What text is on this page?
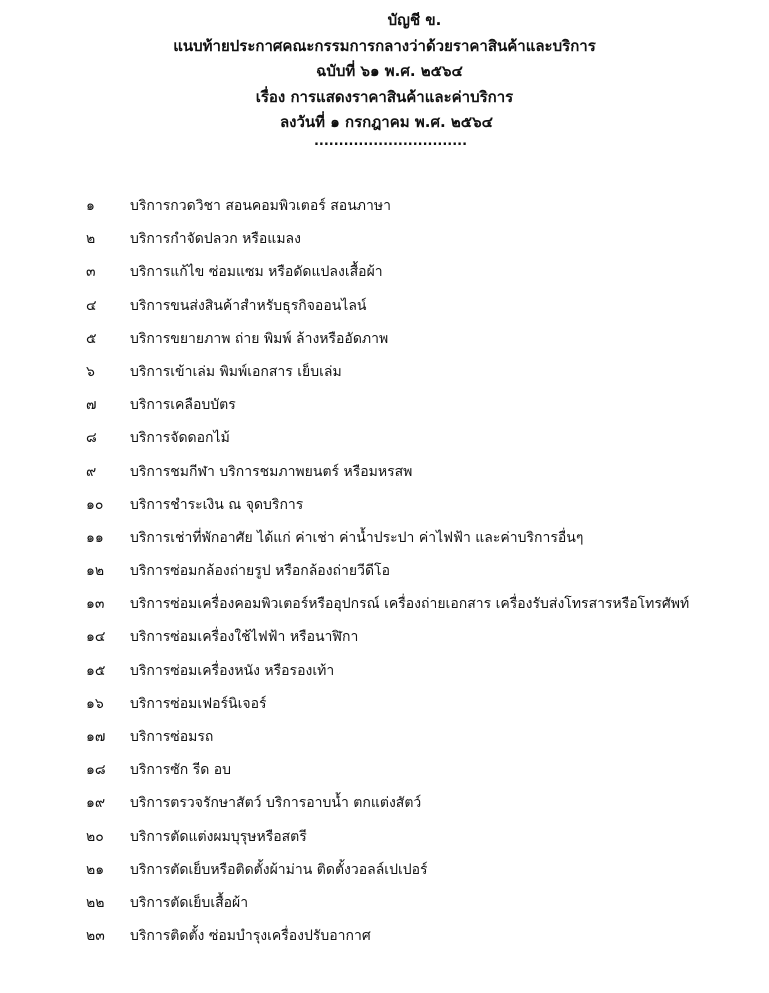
บัญชี ข.
แนบท้ายประกาศคณะกรรมการกลางว่าด้วยราคาสินค้าและบริการ
ฉบับที่ ๖๑ พ.ศ. ๒๕๖๔
เรื่อง การแสดงราคาสินค้าและค่าบริการ
ลงวันที่ ๑ กรกฎาคม พ.ศ. ๒๕๖๔
...............................
๑	บริการกวดวิชา สอนคอมพิวเตอร์ สอนภาษา
๒ บริการกำจัดปลวก หรือแมลง
๓ บริการแก้ไข ซ่อมแซม หรือดัดแปลงเสื้อผ้า
๔ บริการขนส่งสินค้าสำหรับธุรกิจออนไลน์
๕ บริการขยายภาพ ถ่าย พิมพ์ ล้างหรืออัดภาพ
๖	บริการเข้าเล่ม พิมพ์เอกสาร เย็บเล่ม
๗ บริการเคลือบบัตร
๘ บริการจัดดอกไม้
๙ บริการชมกีฬา บริการชมภาพยนตร์ หรือมหรสพ
๑๐ บริการชำระเงิน ณ จุดบริการ
๑๑ บริการเช่าที่พักอาศัย ได้แก่ ค่าเช่า ค่าน้ำประปา ค่าไฟฟ้า และค่าบริการอื่นๆ
๑๒ บริการซ่อมกล้องถ่ายรูป หรือกล้องถ่ายวีดีโอ
๑๓ บริการซ่อมเครื่องคอมพิวเตอร์หรืออุปกรณ์ เครื่องถ่ายเอกสาร เครื่องรับส่งโทรสารหรือโทรศัพท์
๑๔ บริการซ่อมเครื่องใช้ไฟฟ้า หรือนาฬิกา
๑๕ บริการซ่อมเครื่องหนัง หรือรองเท้า
๑๖ บริการซ่อมเฟอร์นิเจอร์
๑๗ บริการซ่อมรถ
๑๘ บริการซัก รีด อบ
๑๙ บริการตรวจรักษาสัตว์ บริการอาบน้ำ ตกแต่งสัตว์
๒๐ บริการตัดแต่งผมบุรุษหรือสตรี
๒๑ บริการตัดเย็บหรือติดตั้งผ้าม่าน ติดตั้งวอลล์เปเปอร์
๒๒ บริการตัดเย็บเสื้อผ้า
๒๓ บริการติดตั้ง ซ่อมบำรุงเครื่องปรับอากาศ
